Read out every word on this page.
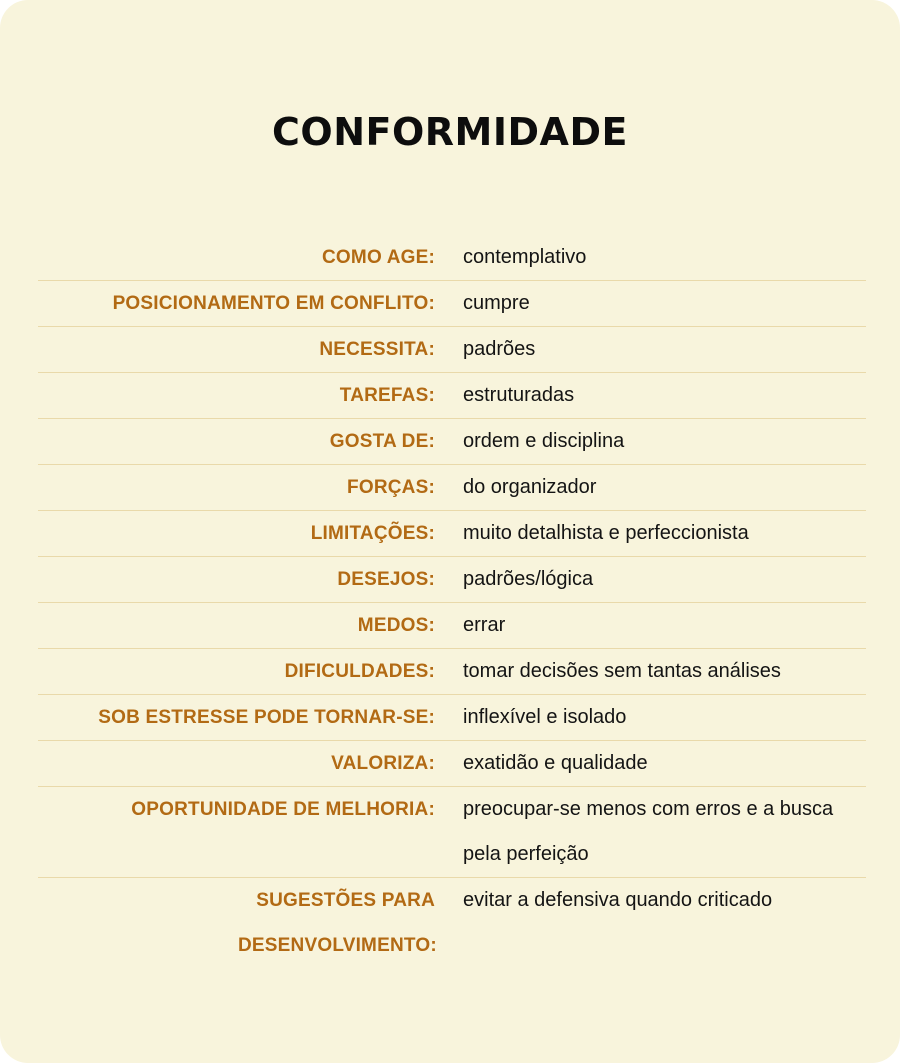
CONFORMIDADE
COMO AGE:	contemplativo
POSICIONAMENTO EM CONFLITO:	cumpre
NECESSITA:	padrões
TAREFAS:	estruturadas
GOSTA DE:	ordem e disciplina
FORÇAS:	do organizador
LIMITAÇÕES:	muito detalhista e perfeccionista
DESEJOS:	padrões/lógica
MEDOS:	errar
DIFICULDADES:	tomar decisões sem tantas análises
SOB ESTRESSE PODE TORNAR-SE:	inflexível e isolado
VALORIZA:	exatidão e qualidade
OPORTUNIDADE DE MELHORIA:	preocupar-se menos com erros e a busca pela perfeição
SUGESTÕES PARA DESENVOLVIMENTO:
evitar a defensiva quando criticado
